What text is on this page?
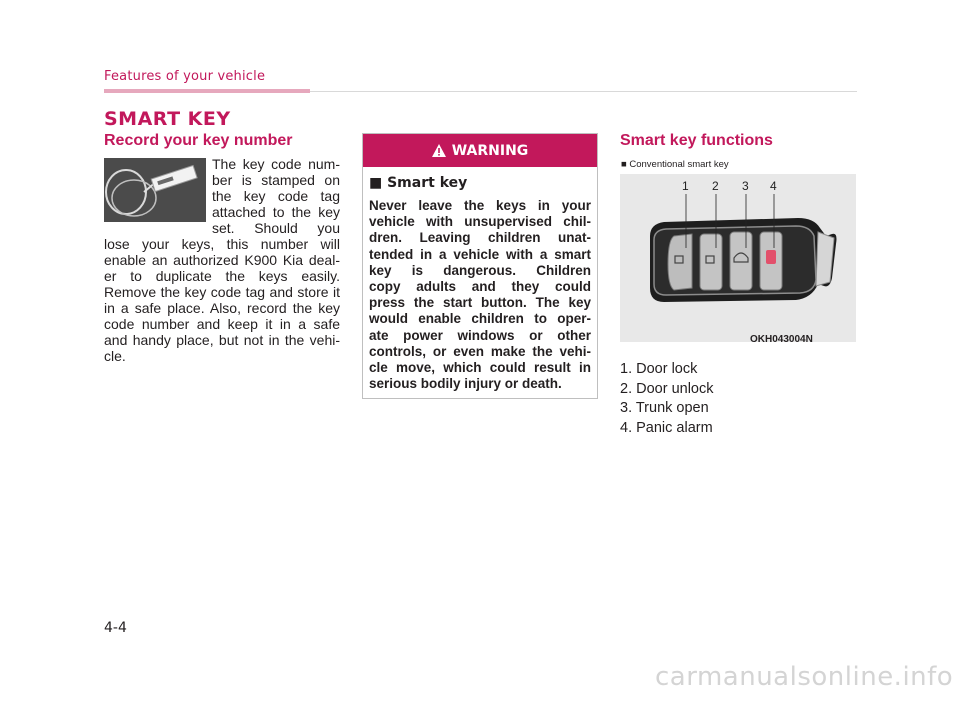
Features of your vehicle
SMART KEY
Record your key number
The key code num-
ber is stamped on
the key code tag
attached to the key
set. Should you
lose your keys, this number will
enable an authorized K900 Kia deal-
er to duplicate the keys easily.
Remove the key code tag and store it
in a safe place. Also, record the key
code number and keep it in a safe
and handy place, but not in the vehi-
cle.
WARNING
■ Smart key
Never leave the keys in your
vehicle with unsupervised chil-
dren. Leaving children unat-
tended in a vehicle with a smart
key is dangerous. Children
copy adults and they could
press the start button. The key
would enable children to oper-
ate power windows or other
controls, or even make the vehi-
cle move, which could result in
serious bodily injury or death.
Smart key functions
■ Conventional smart key
1 2 3 4
OKH043004N
1. Door lock
2. Door unlock
3. Trunk open
4. Panic alarm
4-4
carmanualsonline.info
